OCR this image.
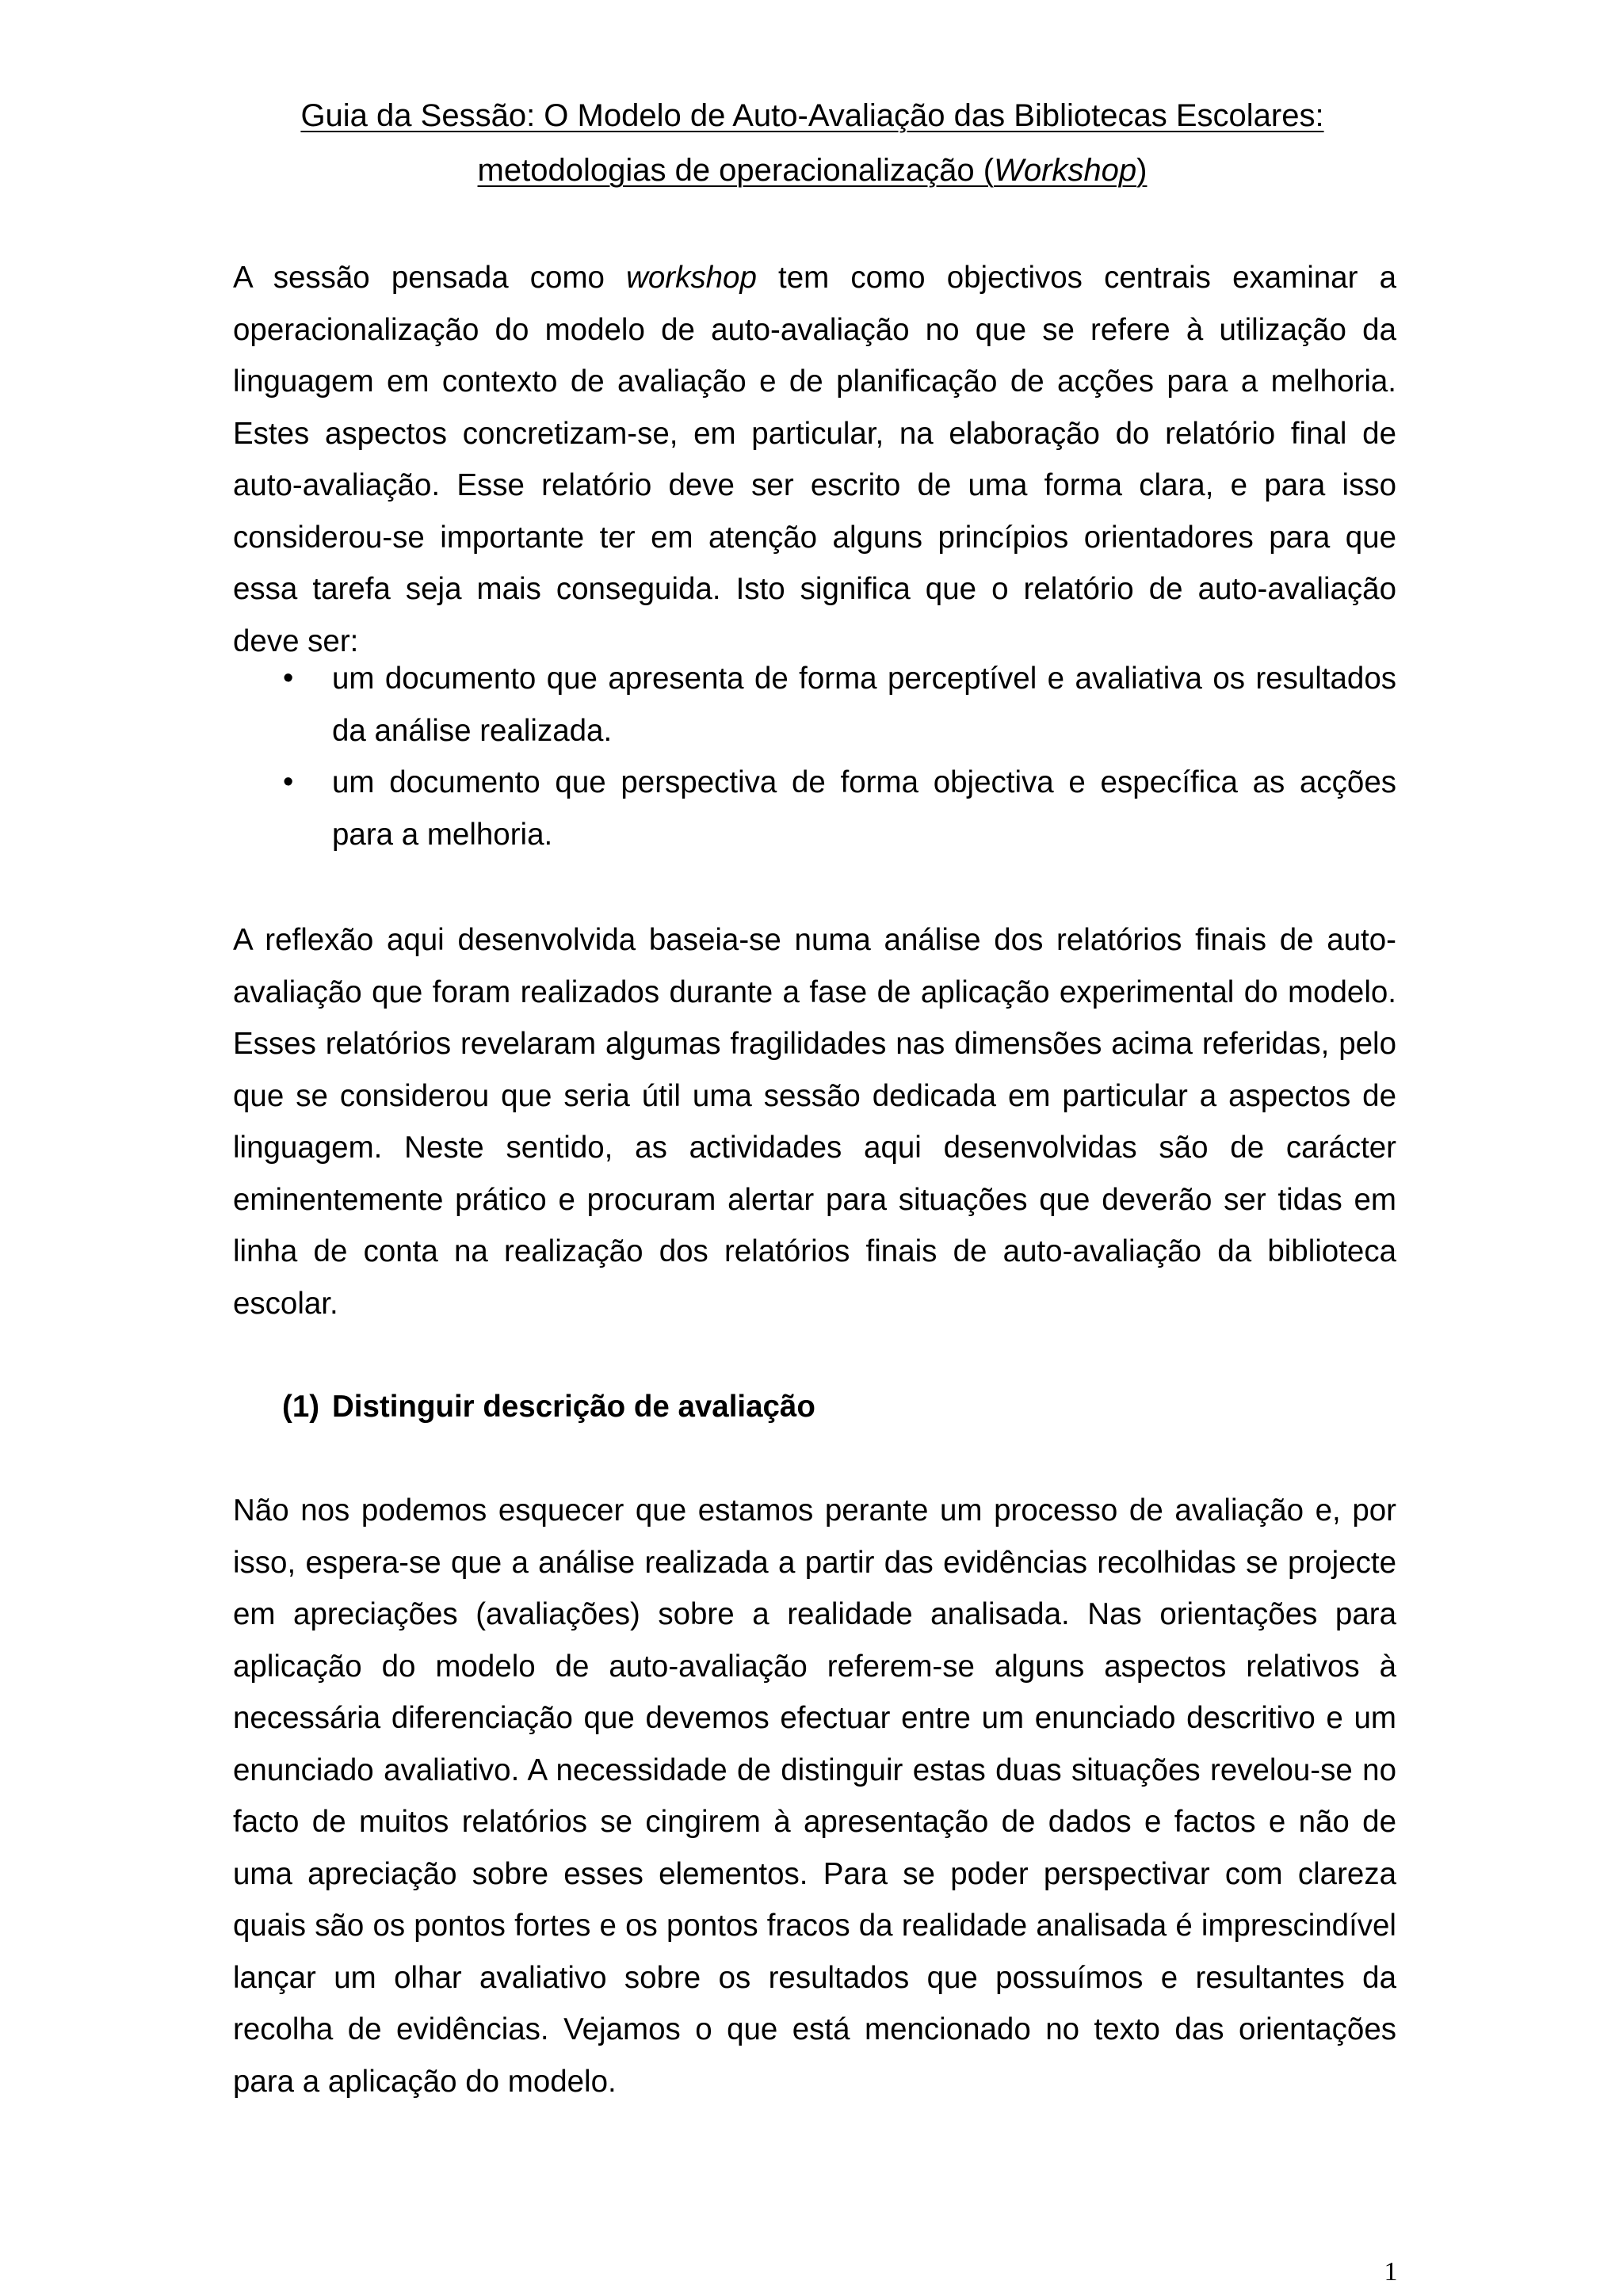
Guia da Sessão: O Modelo de Auto-Avaliação das Bibliotecas Escolares:
metodologias de operacionalização (Workshop)

A sessão pensada como workshop tem como objectivos centrais examinar a operacionalização do modelo de auto-avaliação no que se refere à utilização da linguagem em contexto de avaliação e de planificação de acções para a melhoria. Estes aspectos concretizam-se, em particular, na elaboração do relatório final de auto-avaliação. Esse relatório deve ser escrito de uma forma clara, e para isso considerou-se importante ter em atenção alguns princípios orientadores para que essa tarefa seja mais conseguida. Isto significa que o relatório de auto-avaliação deve ser:

• um documento que apresenta de forma perceptível e avaliativa os resultados da análise realizada.
• um documento que perspectiva de forma objectiva e específica as acções para a melhoria.

A reflexão aqui desenvolvida baseia-se numa análise dos relatórios finais de auto-avaliação que foram realizados durante a fase de aplicação experimental do modelo. Esses relatórios revelaram algumas fragilidades nas dimensões acima referidas, pelo que se considerou que seria útil uma sessão dedicada em particular a aspectos de linguagem. Neste sentido, as actividades aqui desenvolvidas são de carácter eminentemente prático e procuram alertar para situações que deverão ser tidas em linha de conta na realização dos relatórios finais de auto-avaliação da biblioteca escolar.

(1) Distinguir descrição de avaliação

Não nos podemos esquecer que estamos perante um processo de avaliação e, por isso, espera-se que a análise realizada a partir das evidências recolhidas se projecte em apreciações (avaliações) sobre a realidade analisada. Nas orientações para aplicação do modelo de auto-avaliação referem-se alguns aspectos relativos à necessária diferenciação que devemos efectuar entre um enunciado descritivo e um enunciado avaliativo. A necessidade de distinguir estas duas situações revelou-se no facto de muitos relatórios se cingirem à apresentação de dados e factos e não de uma apreciação sobre esses elementos. Para se poder perspectivar com clareza quais são os pontos fortes e os pontos fracos da realidade analisada é imprescindível lançar um olhar avaliativo sobre os resultados que possuímos e resultantes da recolha de evidências. Vejamos o que está mencionado no texto das orientações para a aplicação do modelo.

1
